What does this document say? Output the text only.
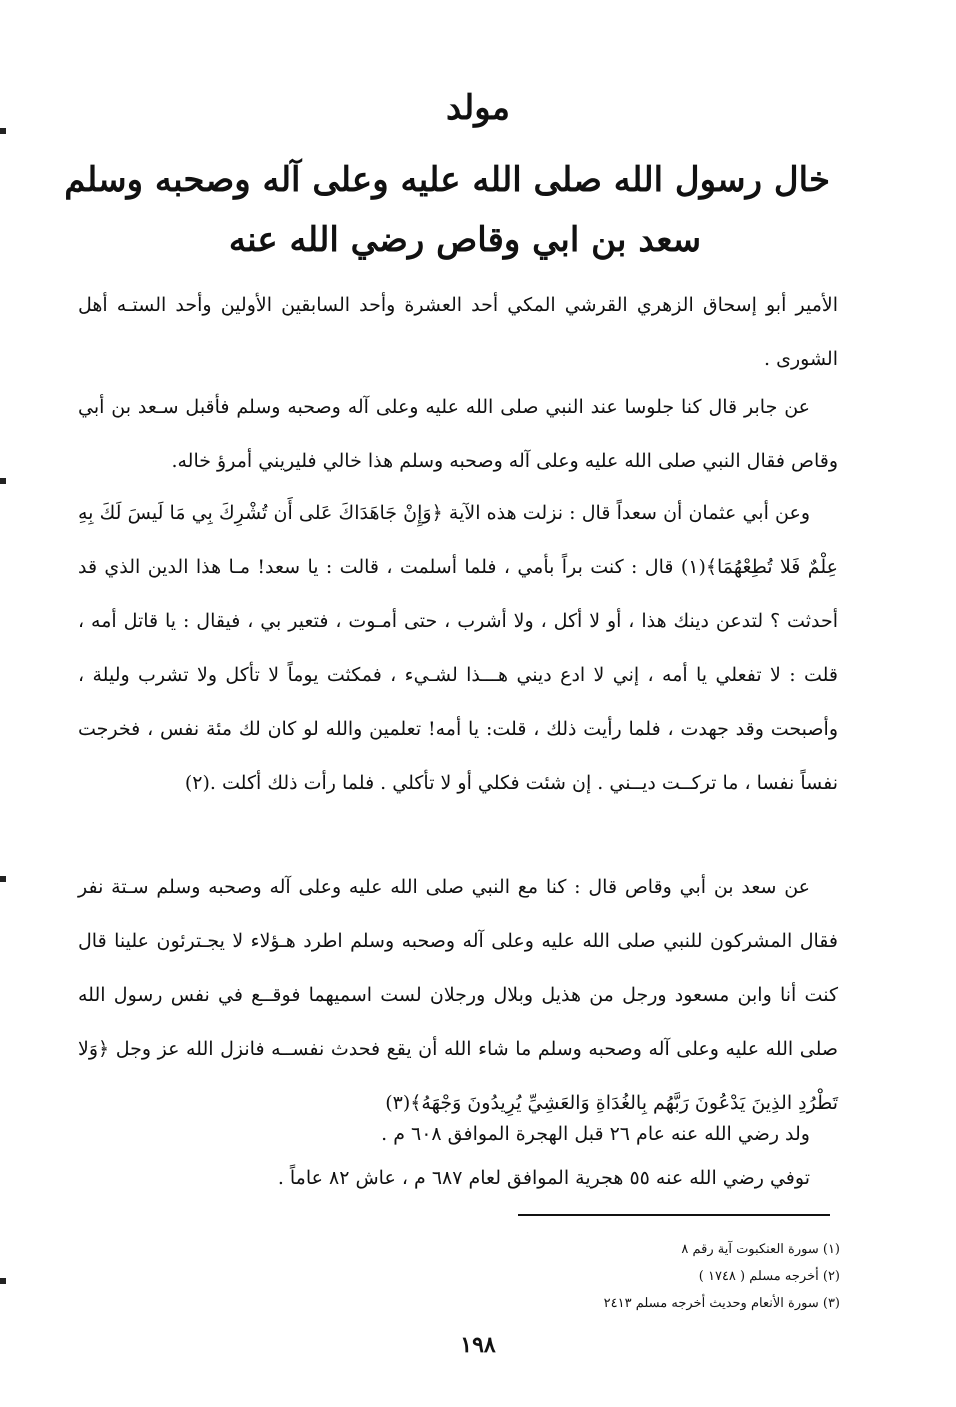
مولد
خال رسول الله صلى الله عليه وعلى آله وصحبه وسلم
سعد بن ابي وقاص رضي الله عنه

الأمير أبو إسحاق الزهري القرشي المكي أحد العشرة وأحد السابقين الأولين وأحد الستـه أهل الشورى .

عن جابر قال كنا جلوسا عند النبي صلى الله عليه وعلى آله وصحبه وسلم فأقبل سـعد بن أبي وقاص فقال النبي صلى الله عليه وعلى آله وصحبه وسلم هذا خالي فليريني أمرؤ خاله.

وعن أبي عثمان أن سعداً قال : نزلت هذه الآية ﴿وَإِنْ جَاهَدَاكَ عَلى أَن تُشْرِكَ بِي مَا لَيسَ لَكَ بِهِ عِلْمٌ فَلا تُطِعْهُمَا﴾(١) قال : كنت براً بأمي ، فلما أسلمت ، قالت : يا سعد! مـا هذا الدين الذي قد أحدثت ؟ لتدعن دينك هذا ، أو لا أكل ، ولا أشرب ، حتى أمـوت ، فتعير بي ، فيقال : يا قاتل أمه ، قلت : لا تفعلي يا أمه ، إني لا ادع ديني هـــذا لشـيء ، فمكثت يوماً لا تأكل ولا تشرب وليلة ، وأصبحت وقد جهدت ، فلما رأيت ذلك ، قلت: يا أمه! تعلمين والله لو كان لك مئة نفس ، فخرجت نفساً نفسا ، ما تركــت ديــني . إن شئت فكلي أو لا تأكلي . فلما رأت ذلك أكلت .(٢)

عن سعد بن أبي وقاص قال : كنا مع النبي صلى الله عليه وعلى آله وصحبه وسلم سـتة نفر فقال المشركون للنبي صلى الله عليه وعلى آله وصحبه وسلم اطرد هـؤلاء لا يجـترئون علينا قال كنت أنا وابن مسعود ورجل من هذيل وبلال ورجلان لست اسميهما فوقــع في نفس رسول الله صلى الله عليه وعلى آله وصحبه وسلم ما شاء الله أن يقع فحدث نفســه فانزل الله عز وجل ﴿وَلا تَطْرُدِ الذِينَ يَدْعُونَ رَبَّهُم بِالغُدَاةِ وَالعَشِيِّ يُرِيدُونَ وَجْهَهُ﴾(٣)

ولد رضي الله عنه عام ٢٦ قبل الهجرة الموافق ٦٠٨ م .

توفي رضي الله عنه ٥٥ هجرية الموافق لعام ٦٨٧ م ، عاش ٨٢ عاماً .

(١) سورة العنكبوت آية رقم ٨
(٢) أخرجه مسلم ( ١٧٤٨ )
(٣) سورة الأنعام وحديث أخرجه مسلم ٢٤١٣
١٩٨
